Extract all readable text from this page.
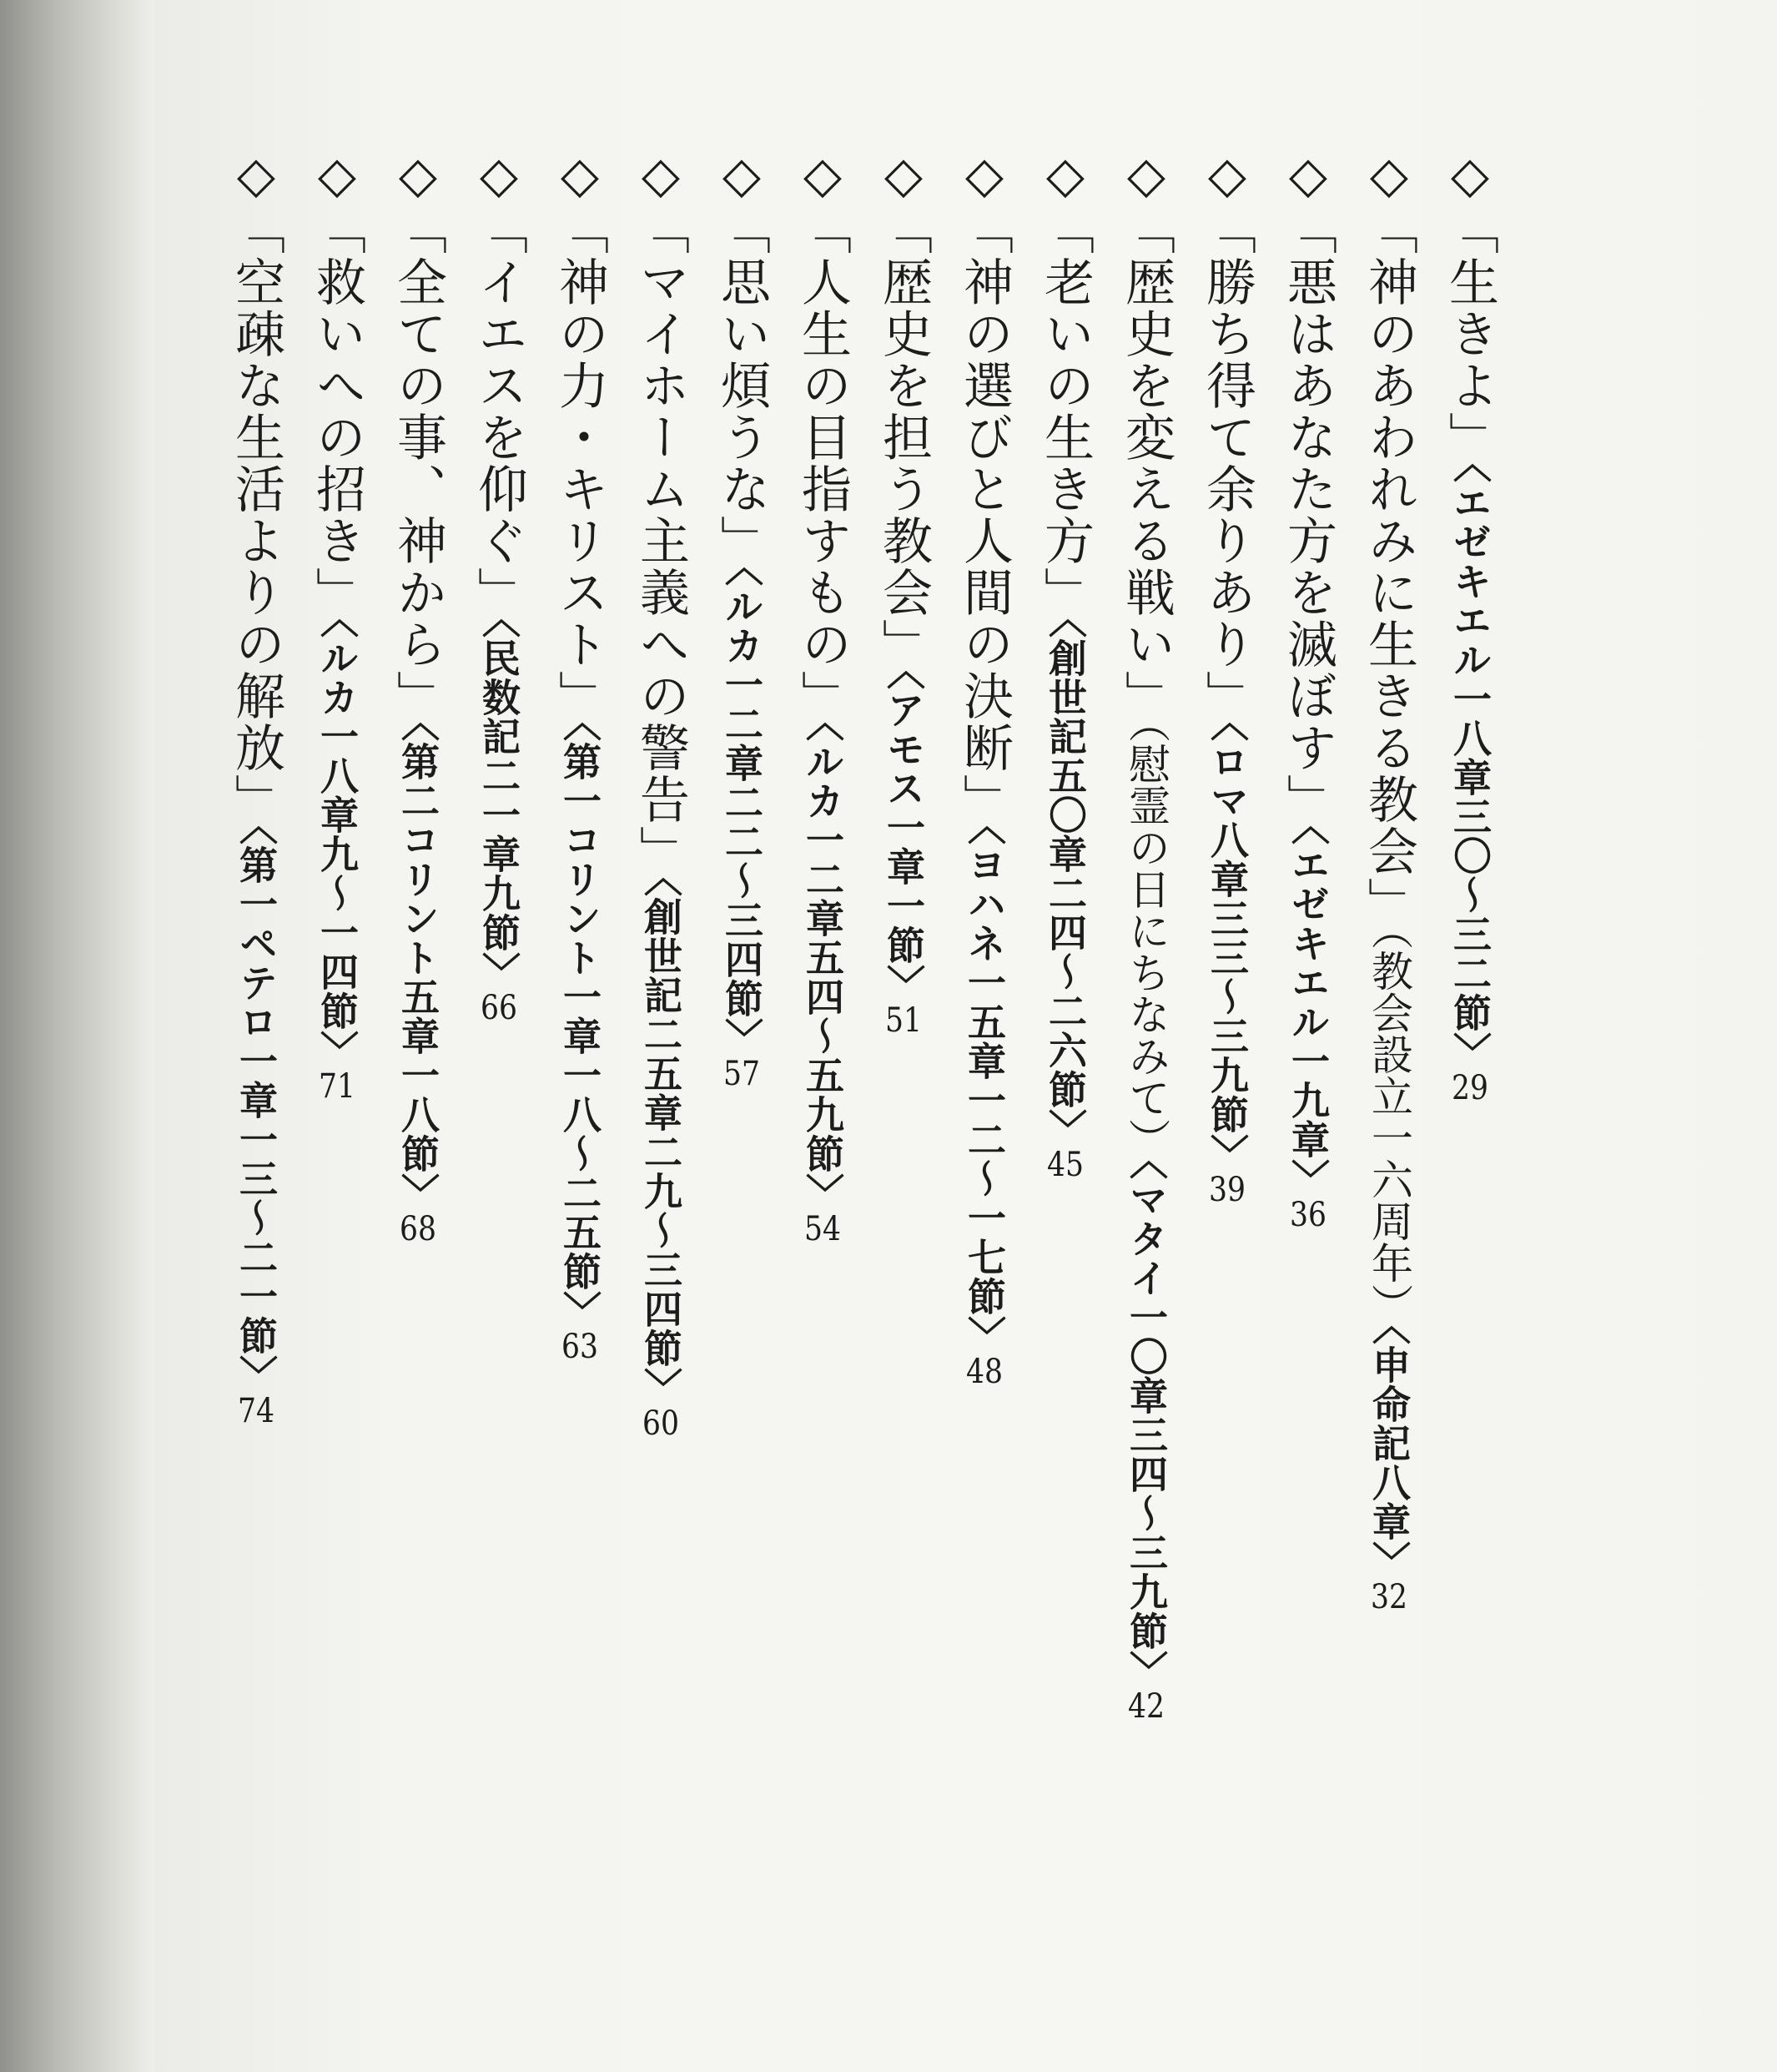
◇「生きよ」〈エゼキエル一八章三〇〜三二節〉29
◇「神のあわれみに生きる教会」（教会設立一六周年）〈申命記八章〉32
◇「悪はあなた方を滅ぼす」〈エゼキエル一九章〉36
◇「勝ち得て余りあり」〈ロマ八章三三〜三九節〉39
◇「歴史を変える戦い」（慰霊の日にちなみて）〈マタイ一〇章三四〜三九節〉42
◇「老いの生き方」〈創世記五〇章二四〜二六節〉45
◇「神の選びと人間の決断」〈ヨハネ一五章一二〜一七節〉48
◇「歴史を担う教会」〈アモス一章一節〉51
◇「人生の目指すもの」〈ルカ一二章五四〜五九節〉54
◇「思い煩うな」〈ルカ一二章二二〜三四節〉57
◇「マイホーム主義への警告」〈創世記二五章二九〜三四節〉60
◇「神の力・キリスト」〈第一コリント一章一八〜二五節〉63
◇「イエスを仰ぐ」〈民数記二一章九節〉66
◇「全ての事、神から」〈第二コリント五章一八節〉68
◇「救いへの招き」〈ルカ一八章九〜一四節〉71
◇「空疎な生活よりの解放」〈第一ペテロ一章一三〜二一節〉74
